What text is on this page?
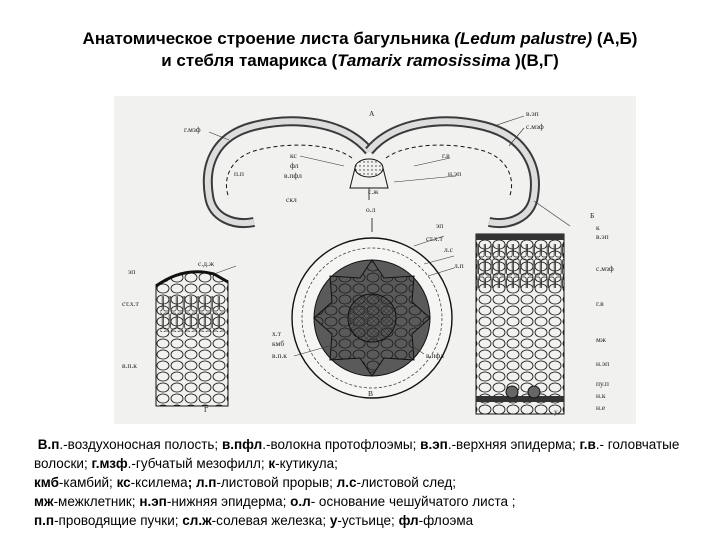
Анатомическое строение листа багульника (Ledum palustre) (А,Б)
и стебля тамарикса (Tamarix ramosissima )(В,Г)
А
г.мзф
п.п
кс
фл
в.пфл
г.в
н.эп
в.эп
с.мзф
скл
с.ж
о.л
эп
ст.х.т
л.с
л.п
х.т
кмб
в.п.к	в.пфл
В
Г
с.д.ж
эп
ст.х.т
в.п.к
Б
к
в.эп
с.мзф
г.в
мж
н.эп
пу.п
н.к
н.е
у
В.п.-воздухоносная полость; в.пфл.-волокна протофлоэмы; в.эп.-верхняя эпидерма; г.в.- головчатые волоски; г.мзф.-губчатый мезофилл; к-кутикула;
кмб-камбий; кс-ксилема; л.п-листовой прорыв; л.с-листовой след;
мж-межклетник; н.эп-нижняя эпидерма; о.л- основание чешуйчатого листа ;
п.п-проводящие пучки; сл.ж-солевая железка; у-устьице; фл-флоэма
